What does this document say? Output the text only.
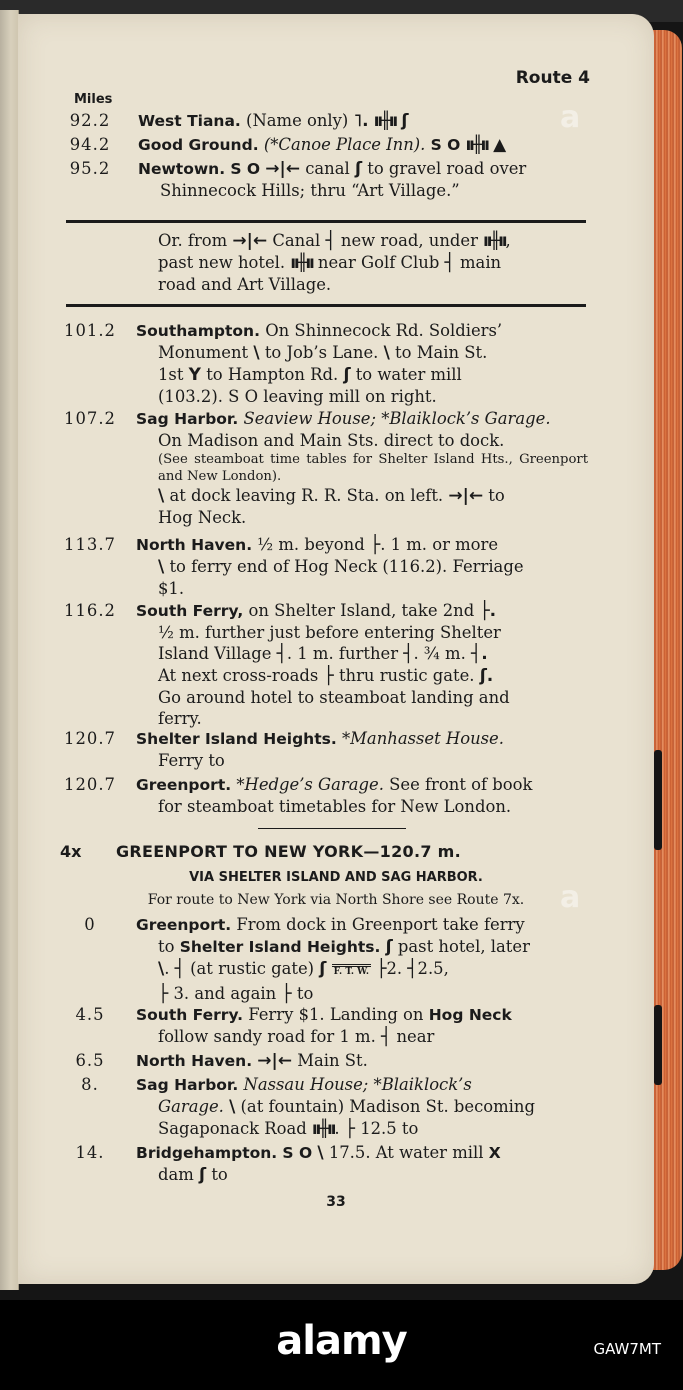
Route 4
Miles
92.2	West Tiana. (Name only) ˥. ıı╫ıı ʃ
94.2	Good Ground. (*Canoe Place Inn). S O ıı╫ıı ▲
95.2	Newtown. S O →|← canal ʃ to gravel road over
Shinnecock Hills; thru “Art Village.”
Or. from →|← Canal ┤ new road, under ıı╫ıı,
past new hotel. ıı╫ıı near Golf Club ┤ main
road and Art Village.
101.2 Southampton. On Shinnecock Rd. Soldiers’
Monument \ to Job’s Lane. \ to Main St.
1st Y to Hampton Rd. ʃ to water mill
(103.2). S O leaving mill on right.
107.2 Sag Harbor. Seaview House; *Blaiklock’s Garage.
On Madison and Main Sts. direct to dock.
(See steamboat time tables for Shelter Island Hts., Greenport and New London).
\ at dock leaving R. R. Sta. on left. →|← to
Hog Neck.
113.7 North Haven. ½ m. beyond ├. 1 m. or more
\ to ferry end of Hog Neck (116.2). Ferriage
$1.
116.2 South Ferry, on Shelter Island, take 2nd ├.
½ m. further just before entering Shelter
Island Village ┤. 1 m. further ┤. ¾ m. ┤.
At next cross-roads ├ thru rustic gate. ʃ.
Go around hotel to steamboat landing and
ferry.
120.7 Shelter Island Heights. *Manhasset House.
Ferry to
120.7 Greenport. *Hedge’s Garage. See front of book
for steamboat timetables for New London.
4x GREENPORT TO NEW YORK—120.7 m.
VIA SHELTER ISLAND AND SAG HARBOR.
For route to New York via North Shore see Route 7x.
0	Greenport. From dock in Greenport take ferry
to Shelter Island Heights. ʃ past hotel, later
\. ┤ (at rustic gate) ʃ F. T. W. ├2. ┤2.5,
├ 3. and again ├ to
4.5	South Ferry. Ferry $1. Landing on Hog Neck
follow sandy road for 1 m. ┤ near
6.5	North Haven. →|← Main St.
8.	Sag Harbor. Nassau House; *Blaiklock’s
Garage. \ (at fountain) Madison St. becoming
Sagaponack Road ıı╫ıı. ├ 12.5 to
14.	Bridgehampton. S O \ 17.5. At water mill X
dam ʃ to
33
a
a
alamy	GAW7MT
